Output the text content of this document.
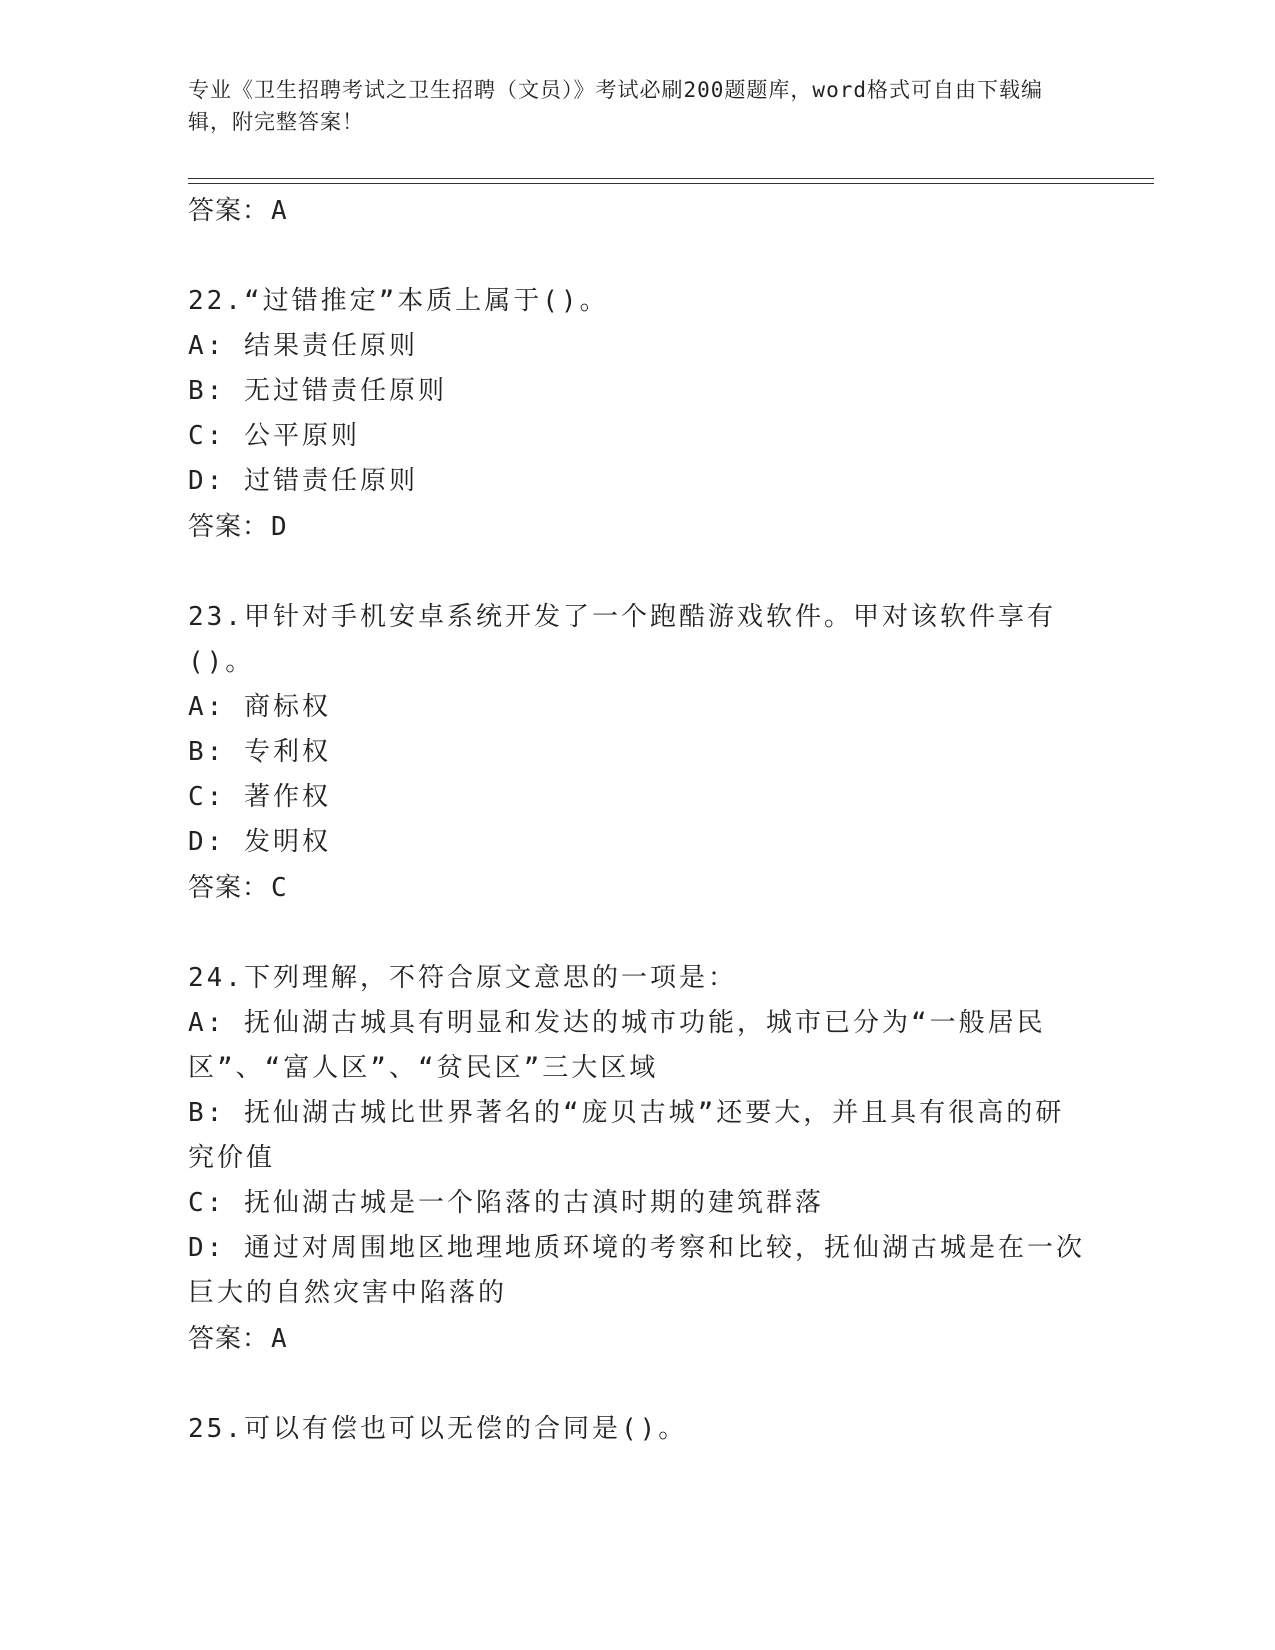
专业《卫生招聘考试之卫生招聘（文员）》考试必刷200题题库，word格式可自由下载编辑，附完整答案！
答案：A
22.“过错推定”本质上属于()。
A: 结果责任原则
B: 无过错责任原则
C: 公平原则
D: 过错责任原则
答案：D
23.甲针对手机安卓系统开发了一个跑酷游戏软件。甲对该软件享有()。
A: 商标权
B: 专利权
C: 著作权
D: 发明权
答案：C
24.下列理解，不符合原文意思的一项是：
A: 抚仙湖古城具有明显和发达的城市功能，城市已分为“一般居民区”、“富人区”、“贫民区”三大区域
B: 抚仙湖古城比世界著名的“庞贝古城”还要大，并且具有很高的研究价值
C: 抚仙湖古城是一个陷落的古滇时期的建筑群落
D: 通过对周围地区地理地质环境的考察和比较，抚仙湖古城是在一次巨大的自然灾害中陷落的
答案：A
25.可以有偿也可以无偿的合同是()。
